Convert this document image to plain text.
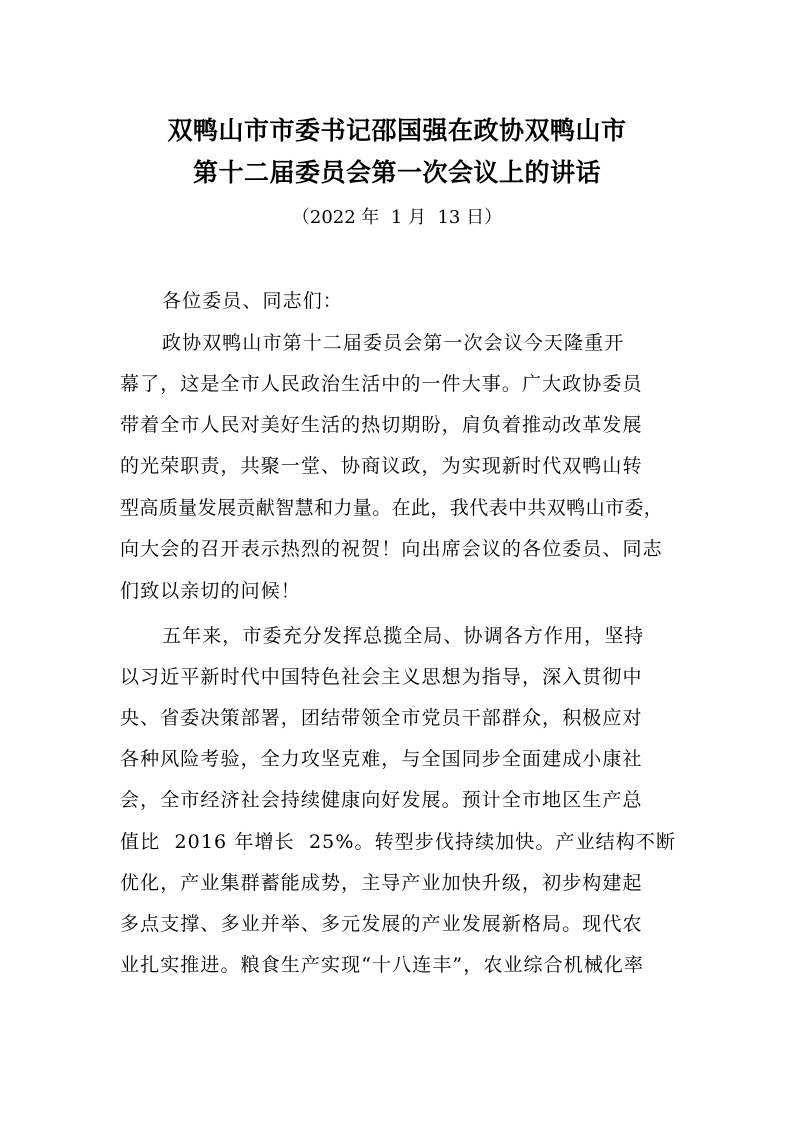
双鸭山市市委书记邵国强在政协双鸭山市
第十二届委员会第一次会议上的讲话
（2022 年  1 月  13 日）
各位委员、同志们：
政协双鸭山市第十二届委员会第一次会议今天隆重开
幕了，这是全市人民政治生活中的一件大事。广大政协委员
带着全市人民对美好生活的热切期盼，肩负着推动改革发展
的光荣职责，共聚一堂、协商议政，为实现新时代双鸭山转
型高质量发展贡献智慧和力量。在此，我代表中共双鸭山市委，
向大会的召开表示热烈的祝贺！向出席会议的各位委员、同志
们致以亲切的问候！
五年来，市委充分发挥总揽全局、协调各方作用，坚持
以习近平新时代中国特色社会主义思想为指导，深入贯彻中
央、省委决策部署，团结带领全市党员干部群众，积极应对
各种风险考验，全力攻坚克难，与全国同步全面建成小康社
会，全市经济社会持续健康向好发展。预计全市地区生产总
值比  2016 年增长  25%。转型步伐持续加快。产业结构不断
优化，产业集群蓄能成势，主导产业加快升级，初步构建起
多点支撑、多业并举、多元发展的产业发展新格局。现代农
业扎实推进。粮食生产实现“十八连丰”，农业综合机械化率
